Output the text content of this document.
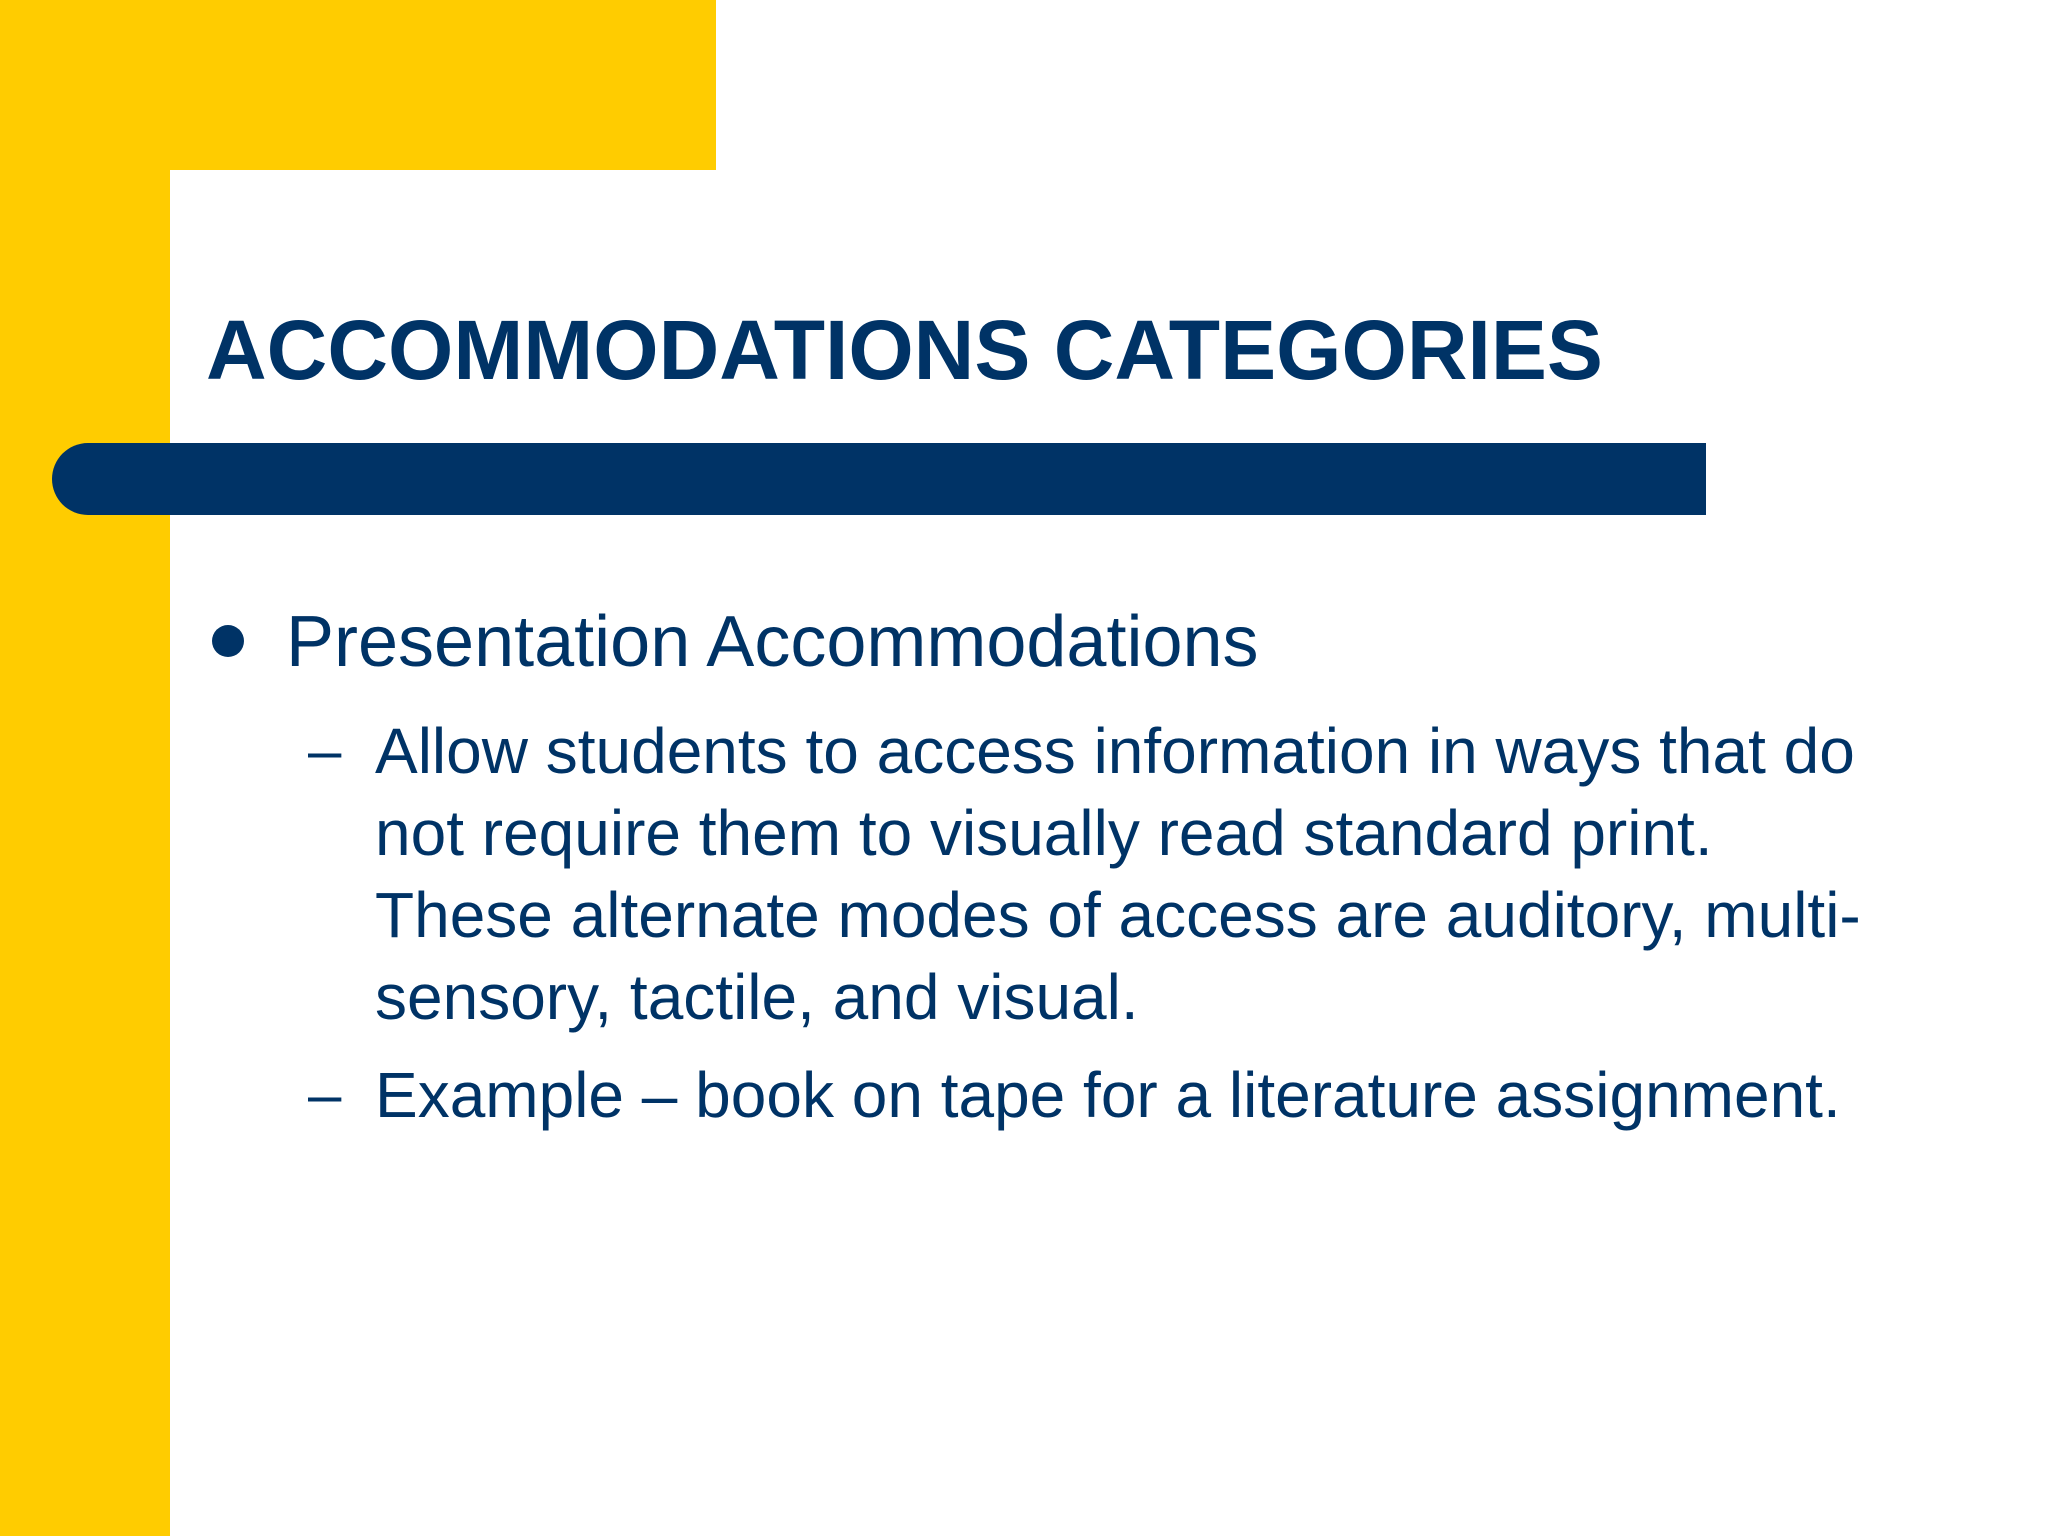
ACCOMMODATIONS CATEGORIES

Presentation Accommodations

– Allow students to access information in ways that do not require them to visually read standard print. These alternate modes of access are auditory, multi-sensory, tactile, and visual.

– Example – book on tape for a literature assignment.
